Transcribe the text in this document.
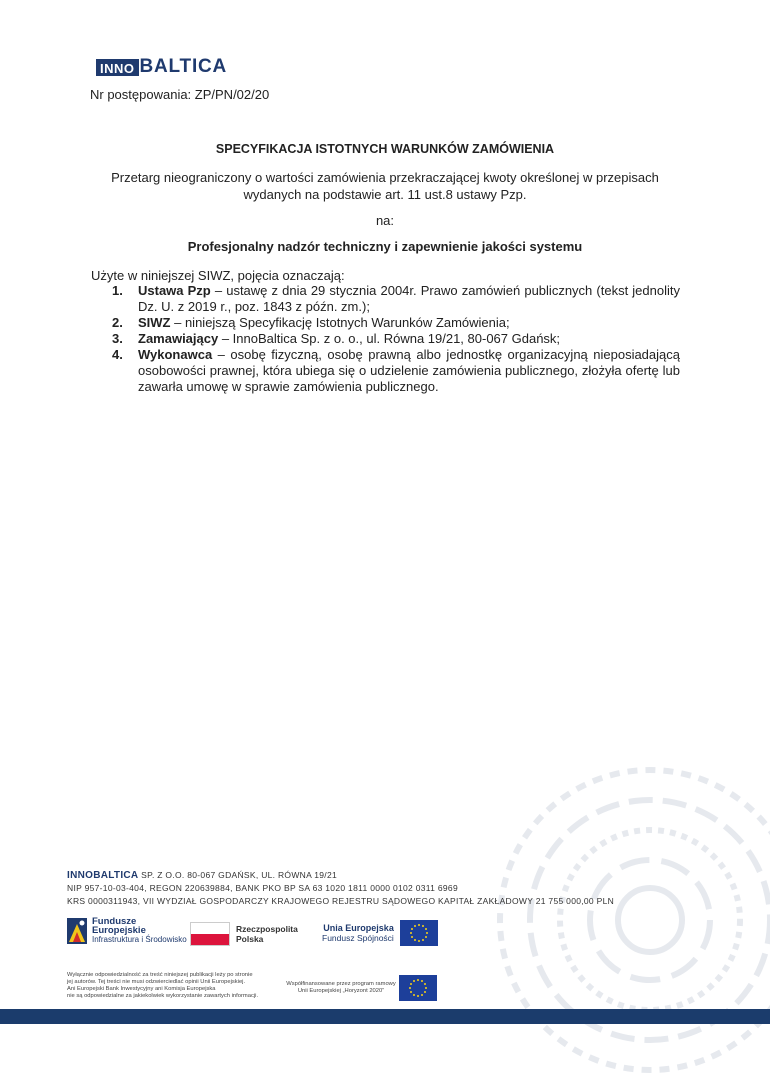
INNO BALTICA
Nr postępowania: ZP/PN/02/20
SPECYFIKACJA ISTOTNYCH WARUNKÓW ZAMÓWIENIA
Przetarg nieograniczony o wartości zamówienia przekraczającej kwoty określonej w przepisach wydanych na podstawie art. 11 ust.8 ustawy Pzp.
na:
Profesjonalny nadzór techniczny i zapewnienie jakości systemu
Użyte w niniejszej SIWZ, pojęcia oznaczają:
1. Ustawa Pzp – ustawę z dnia 29 stycznia 2004r. Prawo zamówień publicznych (tekst jednolity Dz. U. z 2019 r., poz. 1843 z późn. zm.);
2. SIWZ – niniejszą Specyfikację Istotnych Warunków Zamówienia;
3. Zamawiający – InnoBaltica Sp. z o. o., ul. Równa 19/21, 80-067 Gdańsk;
4. Wykonawca – osobę fizyczną, osobę prawną albo jednostkę organizacyjną nieposiadającą osobowości prawnej, która ubiega się o udzielenie zamówienia publicznego, złożyła ofertę lub zawarła umowę w sprawie zamówienia publicznego.
INNOBALTICA SP. Z O.O. 80-067 GDAŃSK, UL. RÓWNA 19/21
NIP 957-10-03-404, REGON 220639884, BANK PKO BP SA 63 1020 1811 0000 0102 0311 6969
KRS 0000311943, VII WYDZIAŁ GOSPODARCZY KRAJOWEGO REJESTRU SĄDOWEGO KAPITAŁ ZAKŁADOWY 21 755 000,00 PLN
Fundusze
Europejskie
Infrastruktura i Środowisko
Rzeczpospolita
Polska
Unia Europejska
Fundusz Spójności
Wyłącznie odpowiedzialność za treść niniejszej publikacji leży po stronie
jej autorów. Tej treści nie musi odzwierciedlać opinii Unii Europejskiej.
Ani Europejski Bank Inwestycyjny ani Komisja Europejska
nie są odpowiedzialne za jakiekolwiek wykorzystanie zawartych informacji.
Współfinansowane przez program ramowy
Unii Europejskiej „Horyzont 2020”
